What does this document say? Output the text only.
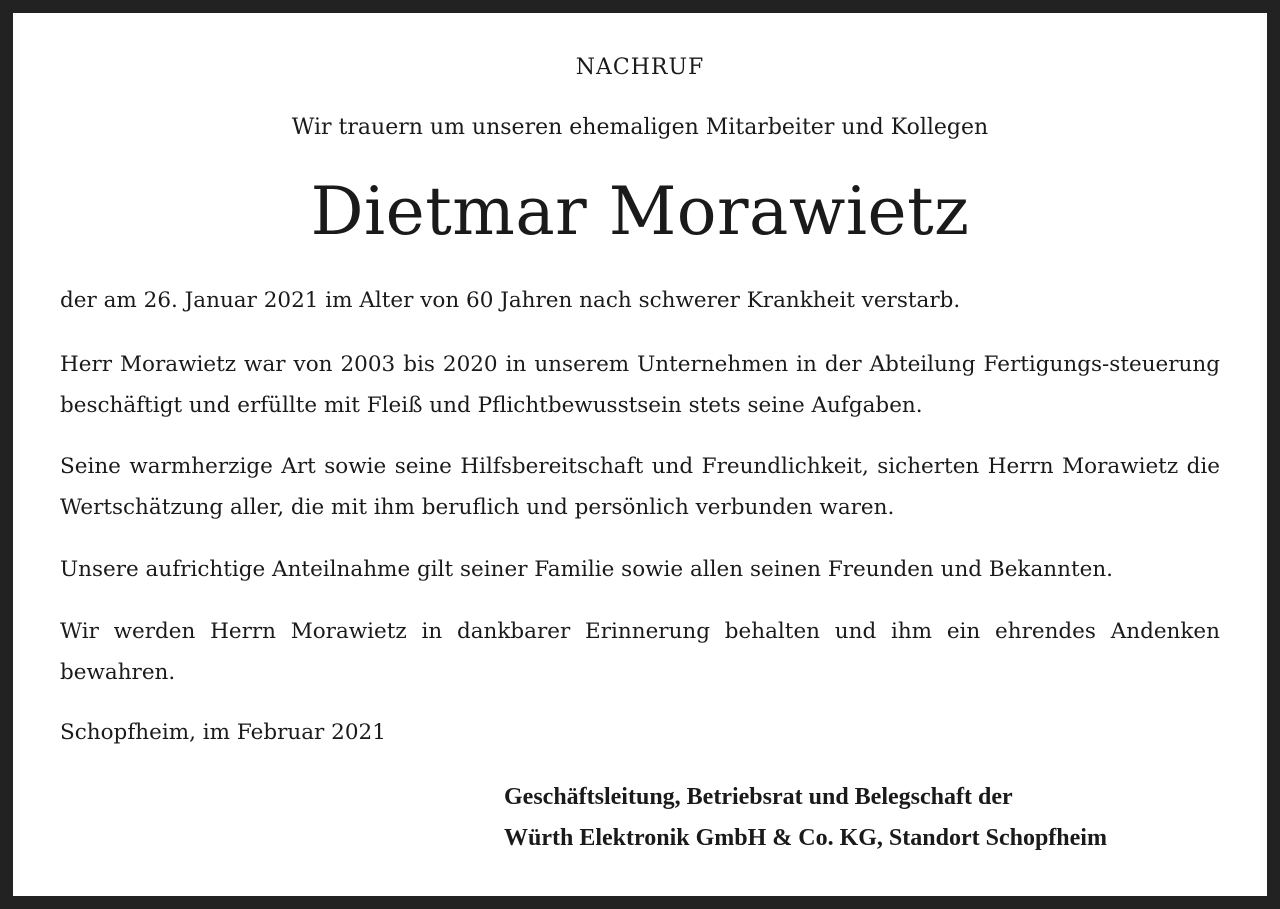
NACHRUF
Wir trauern um unseren ehemaligen Mitarbeiter und Kollegen
Dietmar Morawietz

der am 26. Januar 2021 im Alter von 60 Jahren nach schwerer Krankheit verstarb.

Herr Morawietz war von 2003 bis 2020 in unserem Unternehmen in der Abteilung Fertigungs-steuerung beschäftigt und erfüllte mit Fleiß und Pflichtbewusstsein stets seine Aufgaben.

Seine warmherzige Art sowie seine Hilfsbereitschaft und Freundlichkeit, sicherten Herrn Morawietz die Wertschätzung aller, die mit ihm beruflich und persönlich verbunden waren.

Unsere aufrichtige Anteilnahme gilt seiner Familie sowie allen seinen Freunden und Bekannten.

Wir werden Herrn Morawietz in dankbarer Erinnerung behalten und ihm ein ehrendes Andenken bewahren.

Schopfheim, im Februar 2021

Geschäftsleitung, Betriebsrat und Belegschaft der
Würth Elektronik GmbH & Co. KG, Standort Schopfheim
